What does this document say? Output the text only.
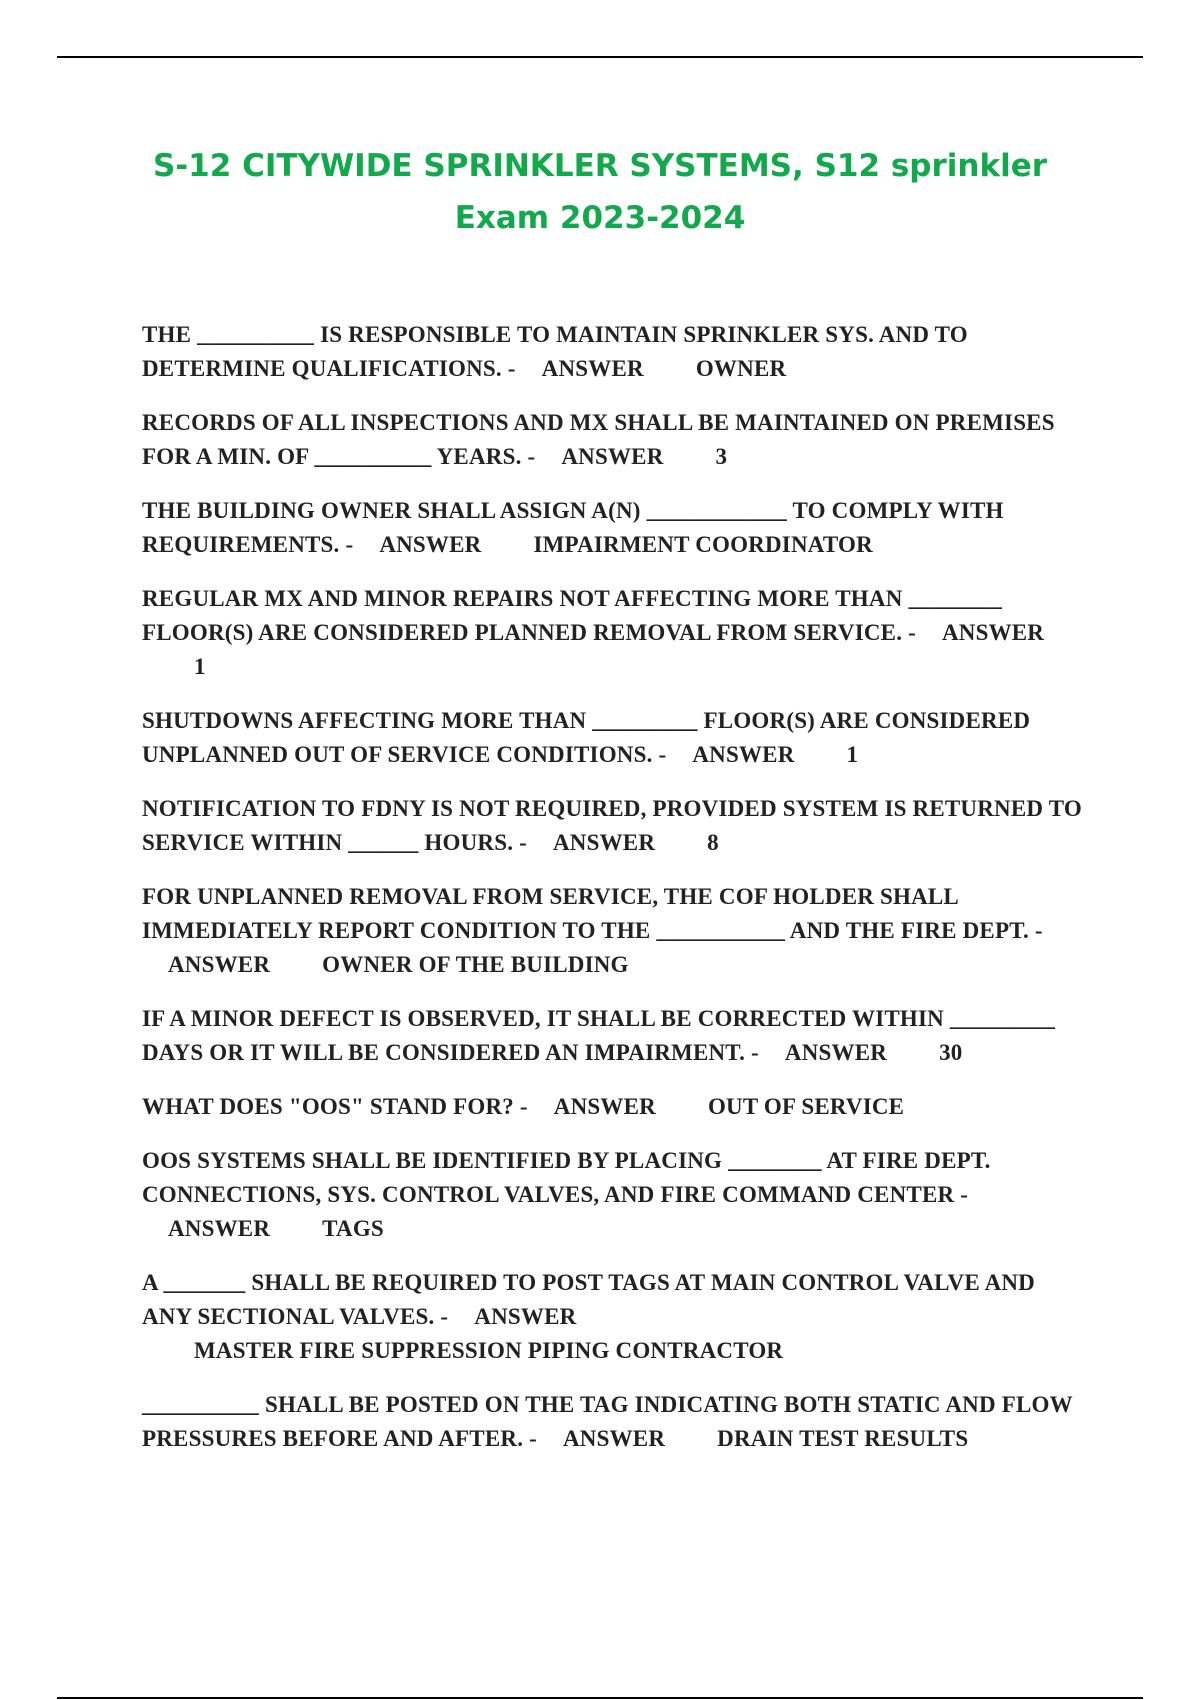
S-12 CITYWIDE SPRINKLER SYSTEMS, S12 sprinkler
Exam 2023-2024

THE __________ IS RESPONSIBLE TO MAINTAIN SPRINKLER SYS. AND TO DETERMINE QUALIFICATIONS. - ANSWER OWNER

RECORDS OF ALL INSPECTIONS AND MX SHALL BE MAINTAINED ON PREMISES FOR A MIN. OF __________ YEARS. - ANSWER 3

THE BUILDING OWNER SHALL ASSIGN A(N) ____________ TO COMPLY WITH REQUIREMENTS. - ANSWER IMPAIRMENT COORDINATOR

REGULAR MX AND MINOR REPAIRS NOT AFFECTING MORE THAN ________ FLOOR(S) ARE CONSIDERED PLANNED REMOVAL FROM SERVICE. - ANSWER1

SHUTDOWNS AFFECTING MORE THAN _________ FLOOR(S) ARE CONSIDERED UNPLANNED OUT OF SERVICE CONDITIONS. - ANSWER 1

NOTIFICATION TO FDNY IS NOT REQUIRED, PROVIDED SYSTEM IS RETURNED TO SERVICE WITHIN ______ HOURS. - ANSWER 8

FOR UNPLANNED REMOVAL FROM SERVICE, THE COF HOLDER SHALL IMMEDIATELY REPORT CONDITION TO THE ___________ AND THE FIRE DEPT. -ANSWER OWNER OF THE BUILDING

IF A MINOR DEFECT IS OBSERVED, IT SHALL BE CORRECTED WITHIN _________ DAYS OR IT WILL BE CONSIDERED AN IMPAIRMENT. - ANSWER 30

WHAT DOES "OOS" STAND FOR? - ANSWER OUT OF SERVICE

OOS SYSTEMS SHALL BE IDENTIFIED BY PLACING ________ AT FIRE DEPT. CONNECTIONS, SYS. CONTROL VALVES, AND FIRE COMMAND CENTER -ANSWER TAGS

A _______ SHALL BE REQUIRED TO POST TAGS AT MAIN CONTROL VALVE AND ANY SECTIONAL VALVES. - ANSWERMASTER FIRE SUPPRESSION PIPING CONTRACTOR

__________ SHALL BE POSTED ON THE TAG INDICATING BOTH STATIC AND FLOW PRESSURES BEFORE AND AFTER. - ANSWER DRAIN TEST RESULTS
